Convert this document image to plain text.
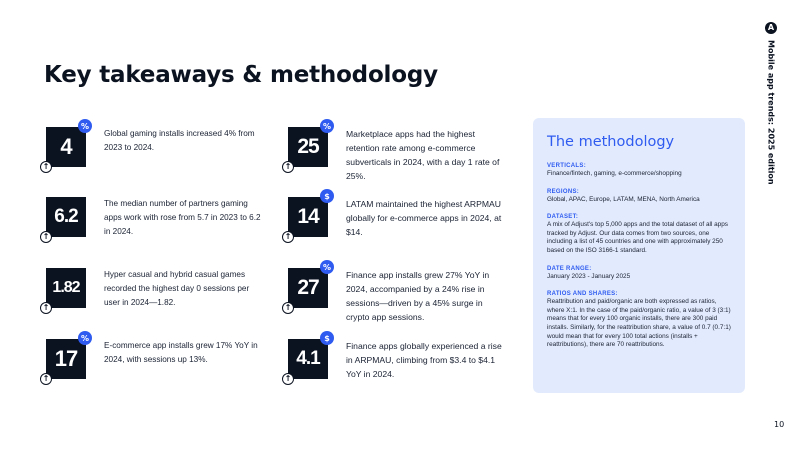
Key takeaways & methodology
A
Mobile app trends: 2025 edition
4
%
↑
Global gaming installs increased 4% from 2023 to 2024.
6.2
↑
The median number of partners gaming apps work with rose from 5.7 in 2023 to 6.2 in 2024.
1.82
↑
Hyper casual and hybrid casual games recorded the highest day 0 sessions per user in 2024—1.82.
17
%
↑
E-commerce app installs grew 17% YoY in 2024, with sessions up 13%.
25
%
↑
Marketplace apps had the highest retention rate among e-commerce subverticals in 2024, with a day 1 rate of 25%.
14
$
↑
LATAM maintained the highest ARPMAU globally for e-commerce apps in 2024, at $14.
27
%
↑
Finance app installs grew 27% YoY in 2024, accompanied by a 24% rise in sessions—driven by a 45% surge in crypto app sessions.
4.1
$
↑
Finance apps globally experienced a rise in ARPMAU, climbing from $3.4 to $4.1 YoY in 2024.
The methodology
VERTICALS:
Finance/fintech, gaming, e-commerce/shopping
REGIONS:
Global, APAC, Europe, LATAM, MENA, North America
DATASET:
A mix of Adjust's top 5,000 apps and the total dataset of all apps tracked by Adjust. Our data comes from two sources, one including a list of 45 countries and one with approximately 250 based on the ISO 3166-1 standard.
DATE RANGE:
January 2023 - January 2025
RATIOS AND SHARES:
Reattribution and paid/organic are both expressed as ratios, where X:1. In the case of the paid/organic ratio, a value of 3 (3:1) means that for every 100 organic installs, there are 300 paid installs. Similarly, for the reattribution share, a value of 0.7 (0.7:1) would mean that for every 100 total actions (installs + reattributions), there are 70 reattributions.
10
